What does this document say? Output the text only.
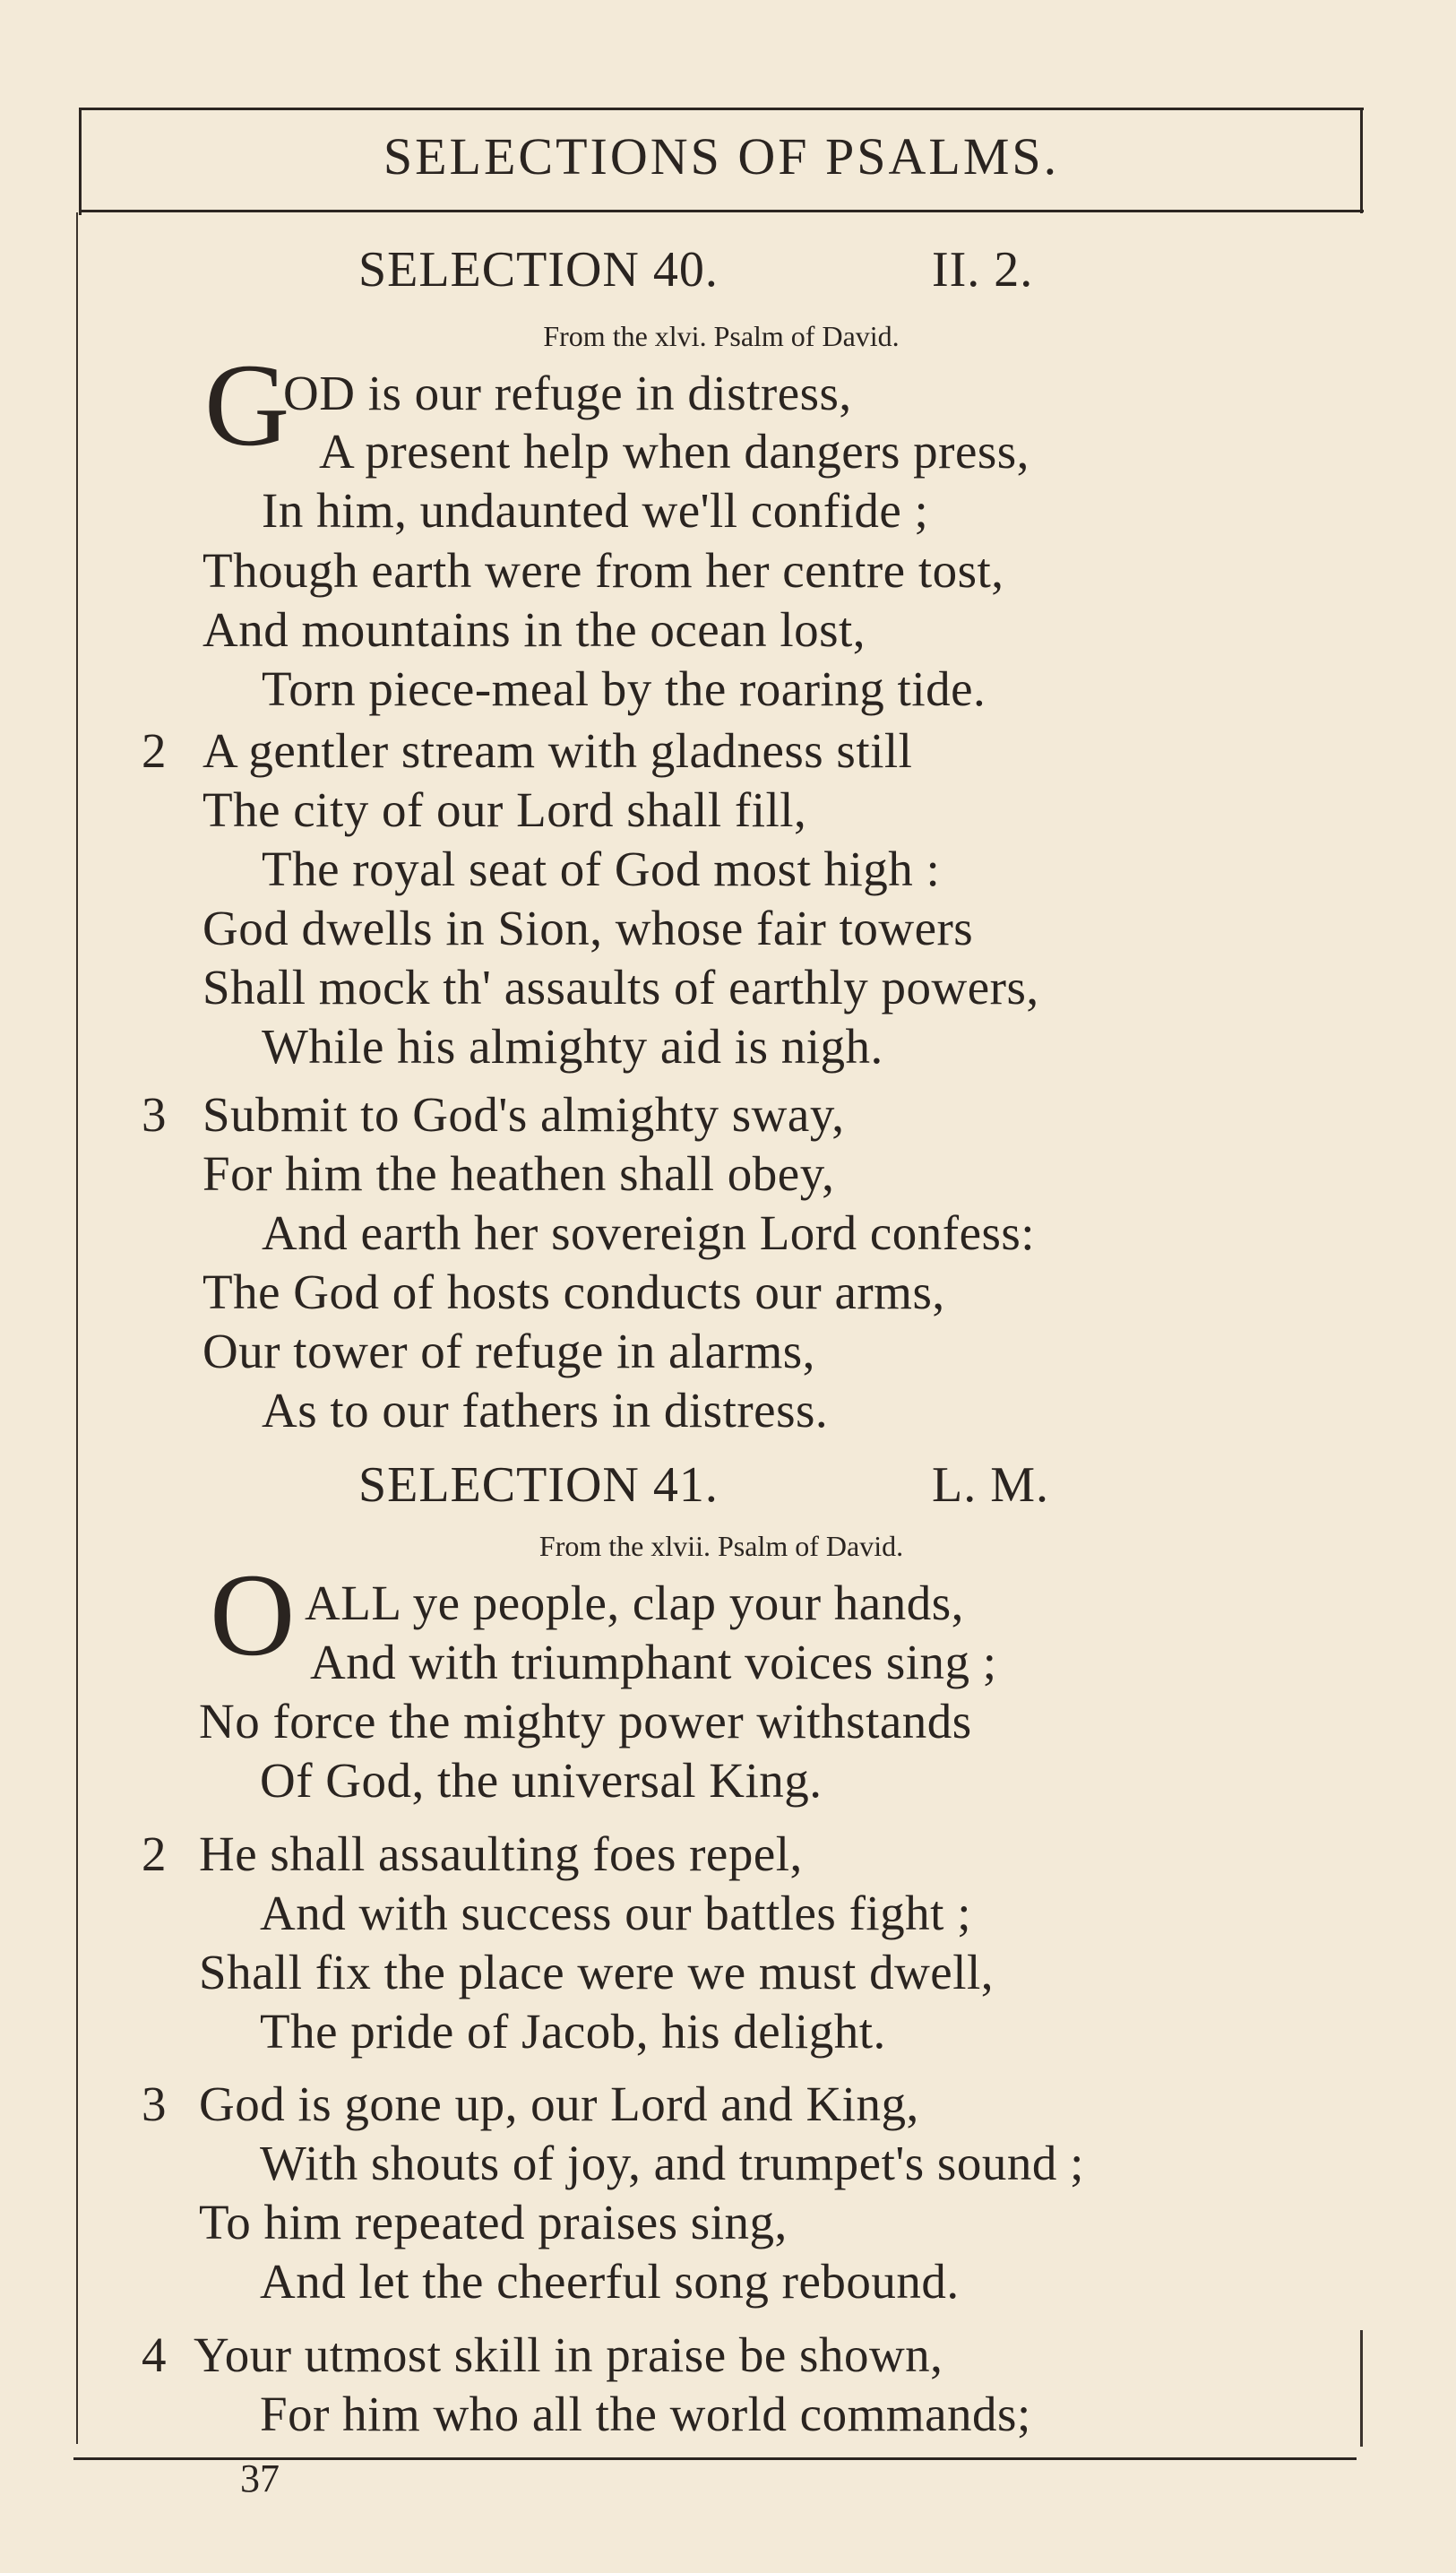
SELECTIONS OF PSALMS.
SELECTION 40.	II. 2.
From the xlvi. Psalm of David.
G
OD is our refuge in distress,
A present help when dangers press,
In him, undaunted we'll confide ;
Though earth were from her centre tost,
And mountains in the ocean lost,
Torn piece-meal by the roaring tide.
2 A gentler stream with gladness still
The city of our Lord shall fill,
The royal seat of God most high :
God dwells in Sion, whose fair towers
Shall mock th' assaults of earthly powers,
While his almighty aid is nigh.
3 Submit to God's almighty sway,
For him the heathen shall obey,
And earth her sovereign Lord confess:
The God of hosts conducts our arms,
Our tower of refuge in alarms,
As to our fathers in distress.
SELECTION 41.	L. M.
From the xlvii. Psalm of David.
O ALL ye people, clap your hands,
And with triumphant voices sing ;
No force the mighty power withstands
Of God, the universal King.
2 He shall assaulting foes repel,
And with success our battles fight ;
Shall fix the place were we must dwell,
The pride of Jacob, his delight.
3 God is gone up, our Lord and King,
With shouts of joy, and trumpet's sound ;
To him repeated praises sing,
And let the cheerful song rebound.
4 Your utmost skill in praise be shown,
For him who all the world commands;
37
